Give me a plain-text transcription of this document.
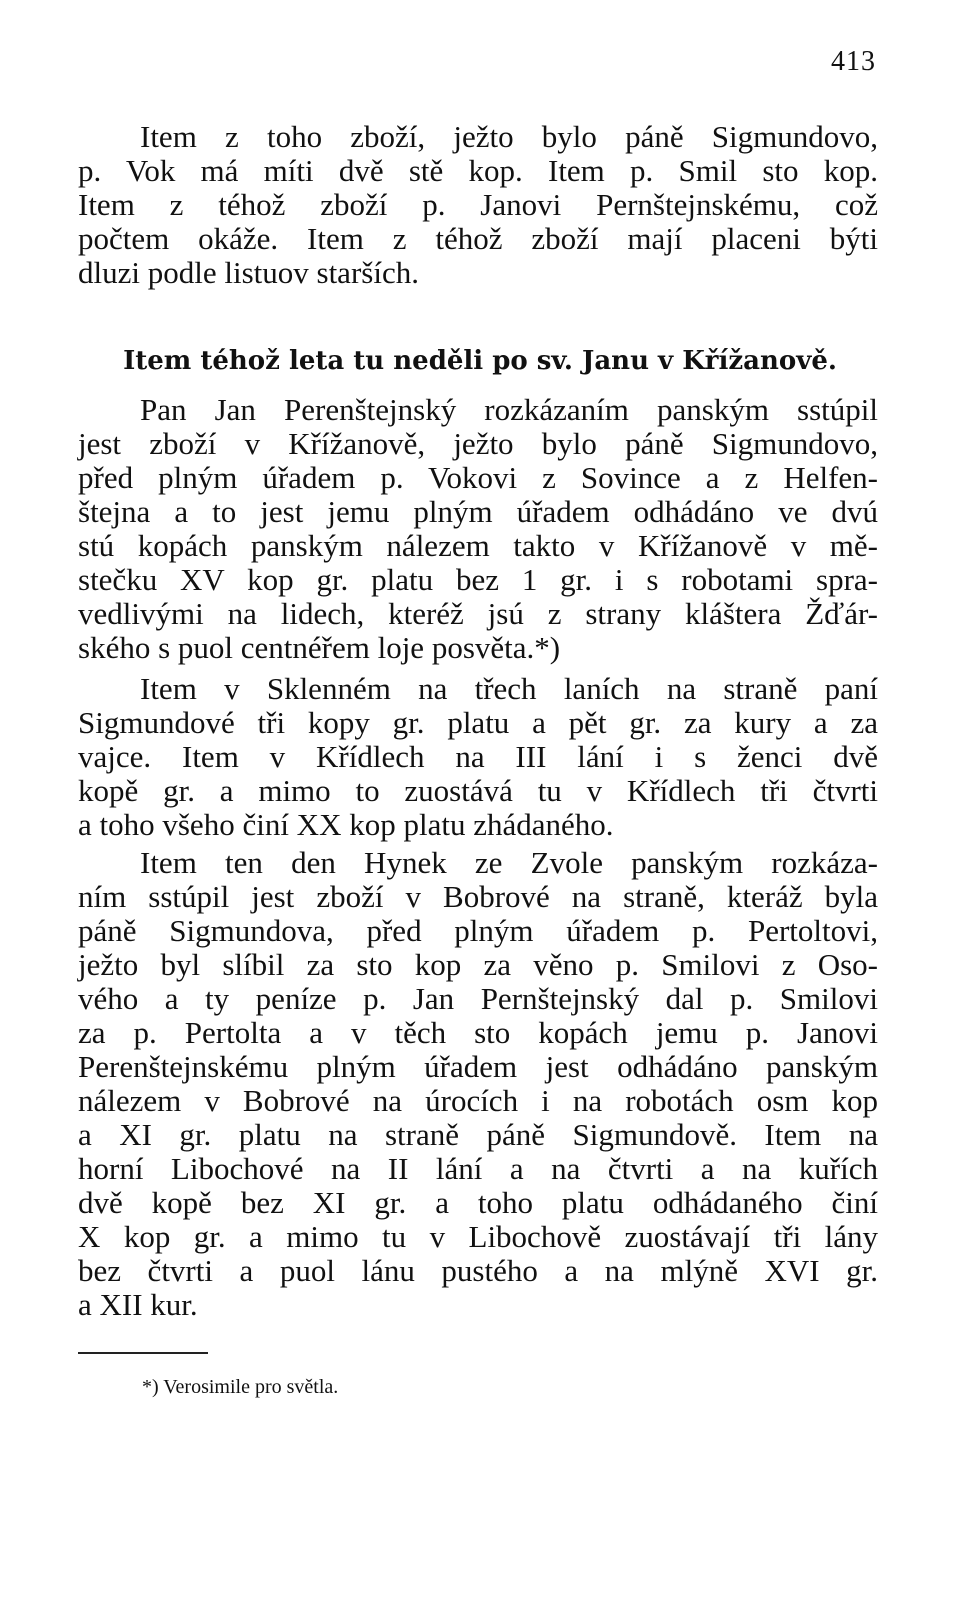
413
Item z toho zboží, ježto bylo páně Sigmundovo,
p. Vok má míti dvě stě kop. Item p. Smil sto kop.
Item z téhož zboží p. Janovi Pernštejnskému, což
počtem okáže. Item z téhož zboží mají placeni býti
dluzi podle listuov starších.
Item téhož leta tu neděli po sv. Janu v Křížanově.
Pan Jan Perenštejnský rozkázaním panským sstúpil
jest zboží v Křížanově, ježto bylo páně Sigmundovo,
před plným úřadem p. Vokovi z Sovince a z Helfen-
štejna a to jest jemu plným úřadem odhádáno ve dvú
stú kopách panským nálezem takto v Křížanově v mě-
stečku XV kop gr. platu bez 1 gr. i s robotami spra-
vedlivými na lidech, kteréž jsú z strany kláštera Žďár-
ského s puol centnéřem loje posvěta.*)
Item v Sklenném na třech laních na straně paní
Sigmundové tři kopy gr. platu a pět gr. za kury a za
vajce. Item v Křídlech na III lání i s ženci dvě
kopě gr. a mimo to zuostává tu v Křídlech tři čtvrti
a toho všeho činí XX kop platu zhádaného.
Item ten den Hynek ze Zvole panským rozkáza-
ním sstúpil jest zboží v Bobrové na straně, kteráž byla
páně Sigmundova, před plným úřadem p. Pertoltovi,
ježto byl slíbil za sto kop za věno p. Smilovi z Oso-
vého a ty peníze p. Jan Pernštejnský dal p. Smilovi
za p. Pertolta a v těch sto kopách jemu p. Janovi
Perenštejnskému plným úřadem jest odhádáno panským
nálezem v Bobrové na úrocích i na robotách osm kop
a XI gr. platu na straně páně Sigmundově. Item na
horní Libochové na II lání a na čtvrti a na kuřích
dvě kopě bez XI gr. a toho platu odhádaného činí
X kop gr. a mimo tu v Libochově zuostávají tři lány
bez čtvrti a puol lánu pustého a na mlýně XVI gr.
a XII kur.
*) Verosimile pro světla.
